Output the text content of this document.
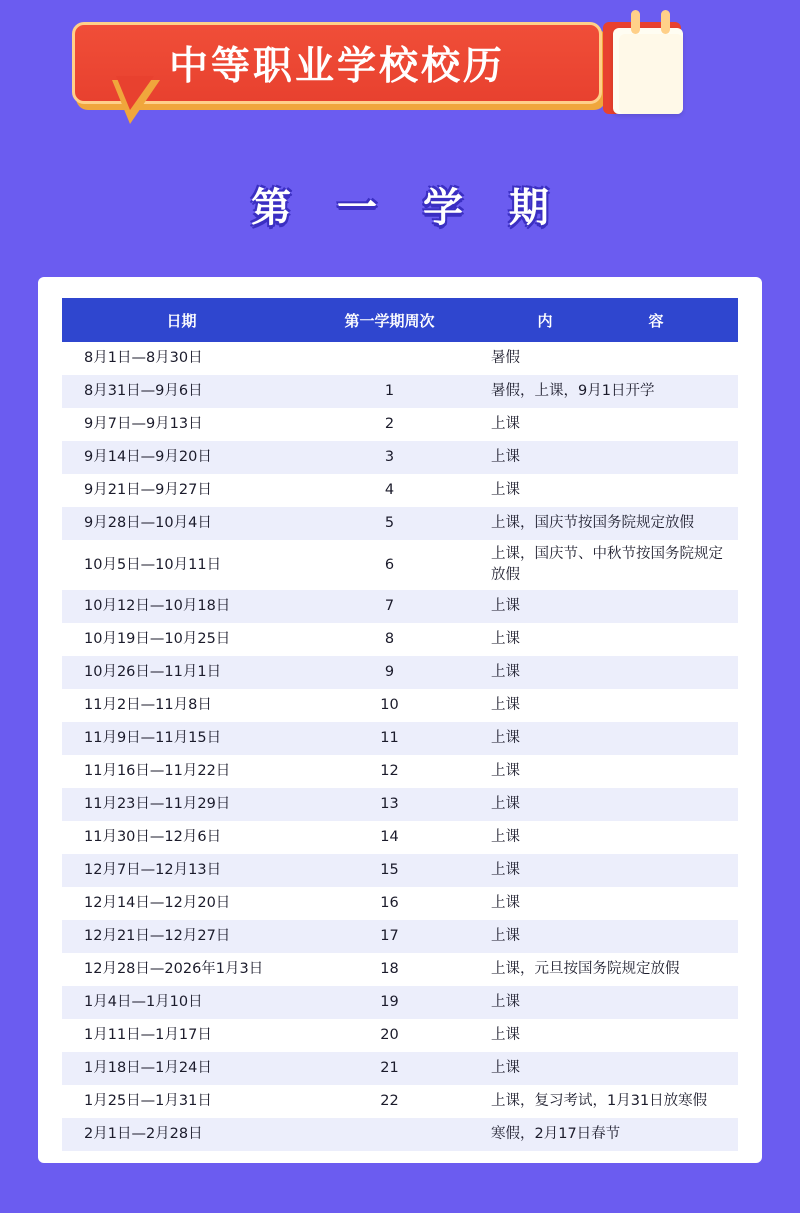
中等职业学校校历
第 一 学 期
日期	第一学期周次	内　　容
8月1日—8月30日		暑假
8月31日—9月6日	1	暑假，上课，9月1日开学
9月7日—9月13日	2	上课
9月14日—9月20日	3	上课
9月21日—9月27日	4	上课
9月28日—10月4日	5	上课，国庆节按国务院规定放假
10月5日—10月11日	6	上课，国庆节、中秋节按国务院规定放假
10月12日—10月18日	7	上课
10月19日—10月25日	8	上课
10月26日—11月1日	9	上课
11月2日—11月8日	10	上课
11月9日—11月15日	11	上课
11月16日—11月22日	12	上课
11月23日—11月29日	13	上课
11月30日—12月6日	14	上课
12月7日—12月13日	15	上课
12月14日—12月20日	16	上课
12月21日—12月27日	17	上课
12月28日—2026年1月3日	18	上课，元旦按国务院规定放假
1月4日—1月10日	19	上课
1月11日—1月17日	20	上课
1月18日—1月24日	21	上课
1月25日—1月31日	22	上课，复习考试，1月31日放寒假
2月1日—2月28日		寒假，2月17日春节
